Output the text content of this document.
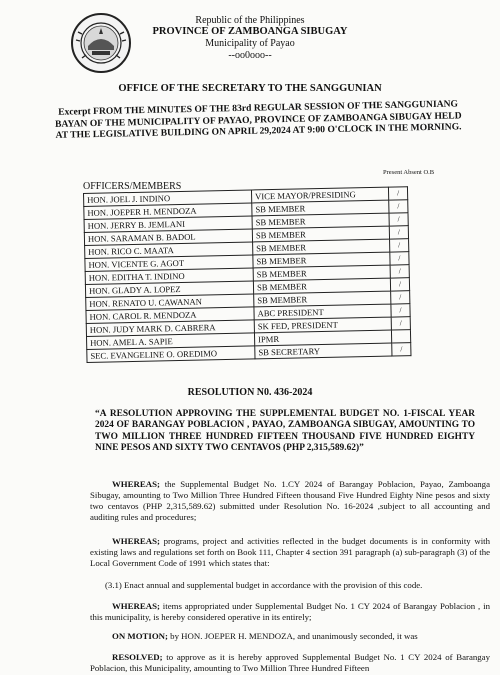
Republic of the Philippines
PROVINCE OF ZAMBOANGA SIBUGAY
Municipality of Payao
--oo0ooo--
OFFICE OF THE SECRETARY TO THE SANGGUNIAN
Excerpt FROM THE MINUTES OF THE 83rd REGULAR SESSION OF THE SANGGUNIANG BAYAN OF THE MUNICIPALITY OF PAYAO, PROVINCE OF ZAMBOANGA SIBUGAY HELD AT THE LEGISLATIVE BUILDING ON APRIL 29,2024 AT 9:00 O'CLOCK IN THE MORNING.
Present Absent O.B
OFFICERS/MEMBERS
HON. JOEL J. INDINO	VICE MAYOR/PRESIDING	/
HON. JOEPER H. MENDOZA	SB MEMBER	/
HON. JERRY B. JEMLANI	SB MEMBER	/
HON. SARAMAN B. BADOL	SB MEMBER	/
HON. RICO C. MAATA	SB MEMBER	/
HON. VICENTE G. AGOT	SB MEMBER	/
HON. EDITHA T. INDINO	SB MEMBER	/
HON. GLADY A. LOPEZ	SB MEMBER	/
HON. RENATO U. CAWANAN	SB MEMBER	/
HON. CAROL R. MENDOZA	ABC PRESIDENT	/
HON. JUDY MARK D. CABRERA	SK FED, PRESIDENT	/
HON. AMEL A. SAPIE	IPMR	
SEC. EVANGELINE O. OREDIMO	SB SECRETARY	/
RESOLUTION N0. 436-2024
“A RESOLUTION APPROVING THE SUPPLEMENTAL BUDGET NO. 1-FISCAL YEAR 2024 OF BARANGAY POBLACION , PAYAO, ZAMBOANGA SIBUGAY, AMOUNTING TO TWO MILLION THREE HUNDRED FIFTEEN THOUSAND FIVE HUNDRED EIGHTY NINE PESOS AND SIXTY TWO CENTAVOS (PHP 2,315,589.62)”
WHEREAS; the Supplemental Budget No. 1.CY 2024 of Barangay Poblacion, Payao, Zamboanga Sibugay, amounting to Two Million Three Hundred Fifteen thousand Five Hundred Eighty Nine pesos and sixty two centavos (PHP 2,315,589.62) submitted under Resolution No. 16-2024 ,subject to all accounting and auditing rules and procedures;
WHEREAS; programs, project and activities reflected in the budget documents is in conformity with existing laws and regulations set forth on Book 111, Chapter 4 section 391 paragraph (a) sub-paragraph (3) of the Local Government Code of 1991 which states that:
(3.1) Enact annual and supplemental budget in accordance with the provision of this code.
WHEREAS; items appropriated under Supplemental Budget No. 1 CY 2024 of Barangay Poblacion , in this municipality, is hereby considered operative in its entirely;
ON MOTION; by HON. JOEPER H. MENDOZA, and unanimously seconded, it was
RESOLVED; to approve as it is hereby approved Supplemental Budget No. 1 CY 2024 of Barangay Poblacion, this Municipality, amounting to Two Million Three Hundred Fifteen
